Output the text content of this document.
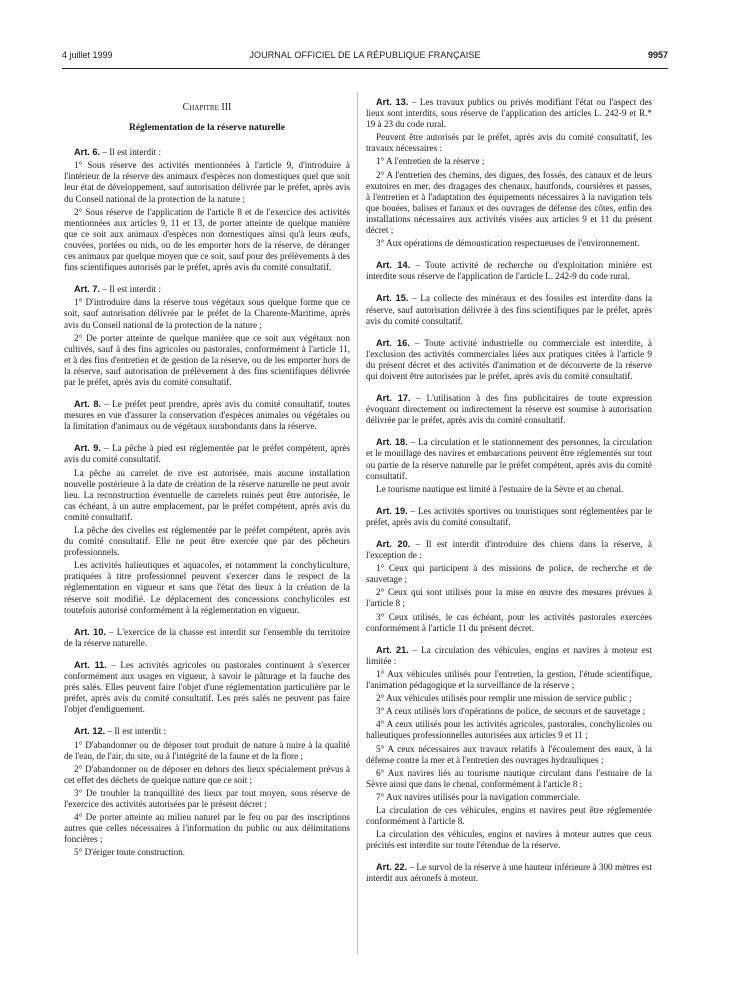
4 juillet 1999	JOURNAL OFFICIEL DE LA RÉPUBLIQUE FRANÇAISE	9957
Chapitre III
Réglementation de la réserve naturelle

Art. 6. – Il est interdit :

1° Sous réserve des activités mentionnées à l'article 9, d'introduire à l'intérieur de la réserve des animaux d'espèces non domestiques quel que soit leur état de développement, sauf autorisation délivrée par le préfet, après avis du Conseil national de la protection de la nature ;

2° Sous réserve de l'application de l'article 8 et de l'exercice des activités mentionnées aux articles 9, 11 et 13, de porter atteinte de quelque manière que ce soit aux animaux d'espèces non domestiques ainsi qu'à leurs œufs, couvées, portées ou nids, ou de les emporter hors de la réserve, de déranger ces animaux par quelque moyen que ce soit, sauf pour des prélèvements à des fins scientifiques autorisés par le préfet, après avis du comité consultatif.

Art. 7. – Il est interdit :

1° D'introduire dans la réserve tous végétaux sous quelque forme que ce soit, sauf autorisation délivrée par le préfet de la Charente-Maritime, après avis du Conseil national de la protection de la nature ;

2° De porter atteinte de quelque manière que ce soit aux végétaux non cultivés, sauf à des fins agricoles ou pastorales, conformément à l'article 11, et à des fins d'entretien et de gestion de la réserve, ou de les emporter hors de la réserve, sauf autorisation de prélèvement à des fins scientifiques délivrée par le préfet, après avis du comité consultatif.

Art. 8. – Le préfet peut prendre, après avis du comité consultatif, toutes mesures en vue d'assurer la conservation d'espèces animales ou végétales ou la limitation d'animaux ou de végétaux surabondants dans la réserve.

Art. 9. – La pêche à pied est réglementée par le préfet compétent, après avis du comité consultatif.

La pêche au carrelet de rive est autorisée, mais aucune installation nouvelle postérieure à la date de création de la réserve naturelle ne peut avoir lieu. La reconstruction éventuelle de carrelets ruinés peut être autorisée, le cas échéant, à un autre emplacement, par le préfet compétent, après avis du comité consultatif.

La pêche des civelles est réglementée par le préfet compétent, après avis du comité consultatif. Elle ne peut être exercée que par des pêcheurs professionnels.

Les activités halieutiques et aquacoles, et notamment la conchyliculture, pratiquées à titre professionnel peuvent s'exercer dans le respect de la réglementation en vigueur et sans que l'état des lieux à la création de la réserve soit modifié. Le déplacement des concessions conchylicoles est toutefois autorisé conformément à la réglementation en vigueur.

Art. 10. – L'exercice de la chasse est interdit sur l'ensemble du territoire de la réserve naturelle.

Art. 11. – Les activités agricoles ou pastorales continuent à s'exercer conformément aux usages en vigueur, à savoir le pâturage et la fauche des prés salés. Elles peuvent faire l'objet d'une réglementation particulière par le préfet, après avis du comité consultatif. Les prés salés ne peuvent pas faire l'objet d'endiguement.

Art. 12. – Il est interdit :

1° D'abandonner ou de déposer tout produit de nature à nuire à la qualité de l'eau, de l'air, du site, ou à l'intégrité de la faune et de la flore ;

2° D'abandonner ou de déposer en dehors des lieux spécialement prévus à cet effet des déchets de quelque nature que ce soit ;

3° De troubler la tranquillité des lieux par tout moyen, sous réserve de l'exercice des activités autorisées par le présent décret ;

4° De porter atteinte au milieu naturel par le feu ou par des inscriptions autres que celles nécessaires à l'information du public ou aux délimitations foncières ;

5° D'ériger toute construction.

Art. 13. – Les travaux publics ou privés modifiant l'état ou l'aspect des lieux sont interdits, sous réserve de l'application des articles L. 242-9 et R.* 19 à 23 du code rural.

Peuvent être autorisés par le préfet, après avis du comité consultatif, les travaux nécessaires :

1° A l'entretien de la réserve ;

2° A l'entretien des chemins, des digues, des fossés, des canaux et de leurs exutoires en mer, des dragages des chenaux, hautfonds, coursières et passes, à l'entretien et à l'adaptation des équipements nécessaires à la navigation tels que bouées, balises et fanaux et des ouvrages de défense des côtes, enfin des installations nécessaires aux activités visées aux articles 9 et 11 du présent décret ;

3° Aux opérations de démoustication respectueuses de l'environnement.

Art. 14. – Toute activité de recherche ou d'exploitation minière est interdite sous réserve de l'application de l'article L. 242-9 du code rural.

Art. 15. – La collecte des minéraux et des fossiles est interdite dans la réserve, sauf autorisation délivrée à des fins scientifiques par le préfet, après avis du comité consultatif.

Art. 16. – Toute activité industrielle ou commerciale est interdite, à l'exclusion des activités commerciales liées aux pratiques citées à l'article 9 du présent décret et des activités d'animation et de découverte de la réserve qui doivent être autorisées par le préfet, après avis du comité consultatif.

Art. 17. – L'utilisation à des fins publicitaires de toute expression évoquant directement ou indirectement la réserve est soumise à autorisation délivrée par le préfet, après avis du comité consultatif.

Art. 18. – La circulation et le stationnement des personnes, la circulation et le mouillage des navires et embarcations peuvent être réglementés sur tout ou partie de la réserve naturelle par le préfet compétent, après avis du comité consultatif.

Le tourisme nautique est limité à l'estuaire de la Sèvre et au chenal.

Art. 19. – Les activités sportives ou touristiques sont réglementées par le préfet, après avis du comité consultatif.

Art. 20. – Il est interdit d'introduire des chiens dans la réserve, à l'exception de :

1° Ceux qui participent à des missions de police, de recherche et de sauvetage ;

2° Ceux qui sont utilisés pour la mise en œuvre des mesures prévues à l'article 8 ;

3° Ceux utilisés, le cas échéant, pour les activités pastorales exercées conformément à l'article 11 du présent décret.

Art. 21. – La circulation des véhicules, engins et navires à moteur est limitée :

1° Aux véhicules utilisés pour l'entretien, la gestion, l'étude scientifique, l'animation pédagogique et la surveillance de la réserve ;

2° Aux véhicules utilisés pour remplir une mission de service public ;

3° A ceux utilisés lors d'opérations de police, de secours et de sauvetage ;

4° A ceux utilisés pour les activités agricoles, pastorales, conchylicoles ou halieutiques professionnelles autorisées aux articles 9 et 11 ;

5° A ceux nécessaires aux travaux relatifs à l'écoulement des eaux, à la défense contre la mer et à l'entretien des ouvrages hydrauliques ;

6° Aux navires liés au tourisme nautique circulant dans l'estuaire de la Sèvre ainsi que dans le chenal, conformément à l'article 8 ;

7° Aux navires utilisés pour la navigation commerciale.

La circulation de ces véhicules, engins et navires peut être réglementée conformément à l'article 8.

La circulation des véhicules, engins et navires à moteur autres que ceux précités est interdite sur toute l'étendue de la réserve.

Art. 22. – Le survol de la réserve à une hauteur inférieure à 300 mètres est interdit aux aéronefs à moteur.
